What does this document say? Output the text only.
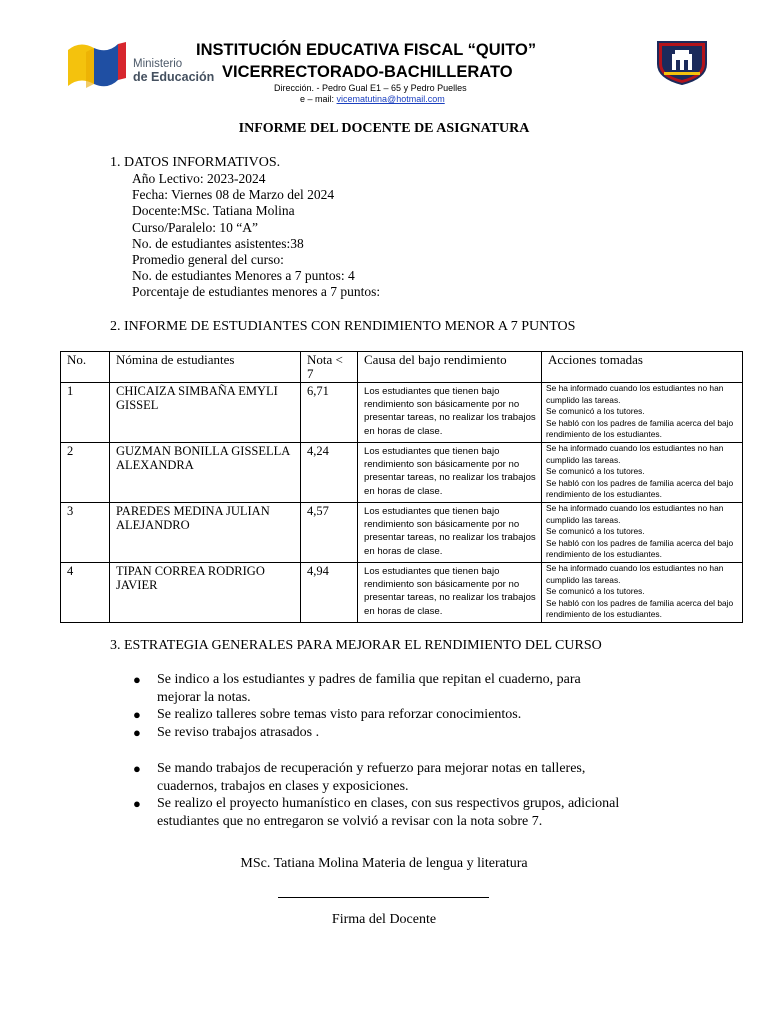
Ministerio
de Educación
INSTITUCIÓN EDUCATIVA FISCAL “QUITO”
VICERRECTORADO-BACHILLERATO
Dirección. - Pedro Gual E1 – 65 y Pedro Puelles
e – mail: vicematutina@hotmail.com
INFORME DEL DOCENTE DE ASIGNATURA
1. DATOS INFORMATIVOS.
Año Lectivo: 2023-2024
Fecha: Viernes 08 de Marzo del 2024
Docente:MSc. Tatiana Molina
Curso/Paralelo: 10 “A”
No. de estudiantes asistentes:38
Promedio general del curso:
No. de estudiantes Menores a 7 puntos: 4
Porcentaje de estudiantes menores a 7 puntos:
2. INFORME DE ESTUDIANTES CON RENDIMIENTO MENOR A 7 PUNTOS
No.	Nómina de estudiantes	Nota < 7	Causa del bajo rendimiento	Acciones tomadas
1	CHICAIZA SIMBAÑA EMYLI GISSEL	6,71	Los estudiantes que tienen bajo rendimiento son básicamente por no presentar tareas, no realizar los trabajos en horas de clase.	Se ha informado cuando los estudiantes no han cumplido las tareas.
Se comunicó a los tutores.
Se habló con los padres de familia acerca del bajo rendimiento de los estudiantes.

2	GUZMAN BONILLA GISSELLA ALEXANDRA	4,24	Los estudiantes que tienen bajo rendimiento son básicamente por no presentar tareas, no realizar los trabajos en horas de clase.	Se ha informado cuando los estudiantes no han cumplido las tareas.
Se comunicó a los tutores.
Se habló con los padres de familia acerca del bajo rendimiento de los estudiantes.

3	PAREDES MEDINA JULIAN ALEJANDRO	4,57	Los estudiantes que tienen bajo rendimiento son básicamente por no presentar tareas, no realizar los trabajos en horas de clase.	Se ha informado cuando los estudiantes no han cumplido las tareas.
Se comunicó a los tutores.
Se habló con los padres de familia acerca del bajo rendimiento de los estudiantes.

4	TIPAN CORREA RODRIGO JAVIER	4,94	Los estudiantes que tienen bajo rendimiento son básicamente por no presentar tareas, no realizar los trabajos en horas de clase.	Se ha informado cuando los estudiantes no han cumplido las tareas.
Se comunicó a los tutores.
Se habló con los padres de familia acerca del bajo rendimiento de los estudiantes.
3. ESTRATEGIA GENERALES PARA MEJORAR EL RENDIMIENTO DEL CURSO
● Se indico a los estudiantes y padres de familia que repitan el cuaderno, para mejorar la notas.
● Se realizo talleres sobre temas visto para reforzar conocimientos.
● Se reviso trabajos atrasados .
● Se mando trabajos de recuperación y refuerzo para mejorar notas en talleres, cuadernos, trabajos en clases y exposiciones.
● Se realizo el proyecto humanístico en clases, con sus respectivos grupos, adicional estudiantes que no entregaron se volvió a revisar con la nota sobre 7.
MSc. Tatiana Molina Materia de lengua y literatura
Firma del Docente
